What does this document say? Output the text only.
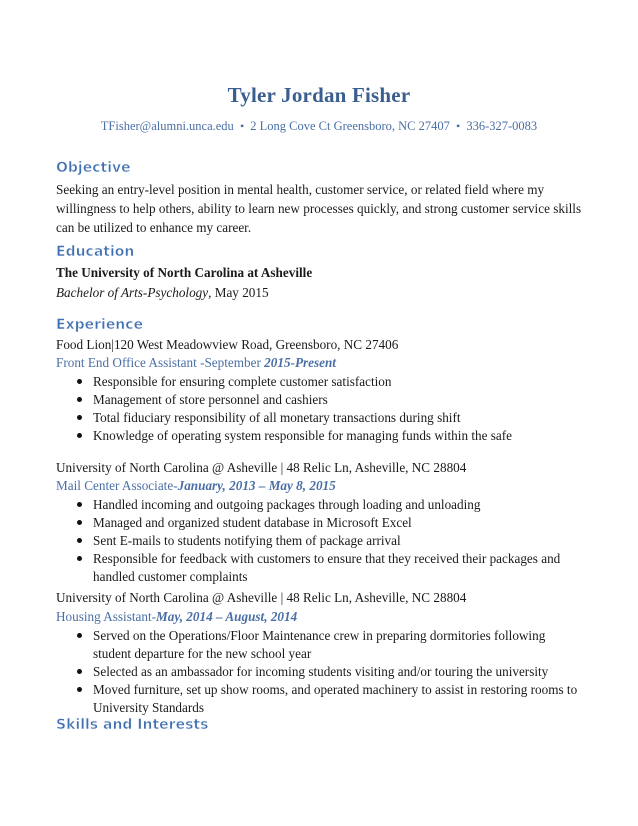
Tyler Jordan Fisher
TFisher@alumni.unca.edu • 2 Long Cove Ct Greensboro, NC 27407 • 336-327-0083
Objective
Seeking an entry-level position in mental health, customer service, or related field where my willingness to help others, ability to learn new processes quickly, and strong customer service skills can be utilized to enhance my career.
Education
The University of North Carolina at Asheville
Bachelor of Arts-Psychology, May 2015
Experience
Food Lion|120 West Meadowview Road, Greensboro, NC 27406
Front End Office Assistant -September 2015-Present
Responsible for ensuring complete customer satisfaction
Management of store personnel and cashiers
Total fiduciary responsibility of all monetary transactions during shift
Knowledge of operating system responsible for managing funds within the safe
University of North Carolina @ Asheville | 48 Relic Ln, Asheville, NC 28804
Mail Center Associate-January, 2013 – May 8, 2015
Handled incoming and outgoing packages through loading and unloading
Managed and organized student database in Microsoft Excel
Sent E-mails to students notifying them of package arrival
Responsible for feedback with customers to ensure that they received their packages and handled customer complaints
University of North Carolina @ Asheville | 48 Relic Ln, Asheville, NC 28804
Housing Assistant-May, 2014 – August, 2014
Served on the Operations/Floor Maintenance crew in preparing dormitories following student departure for the new school year
Selected as an ambassador for incoming students visiting and/or touring the university
Moved furniture, set up show rooms, and operated machinery to assist in restoring rooms to University Standards
Skills and Interests
